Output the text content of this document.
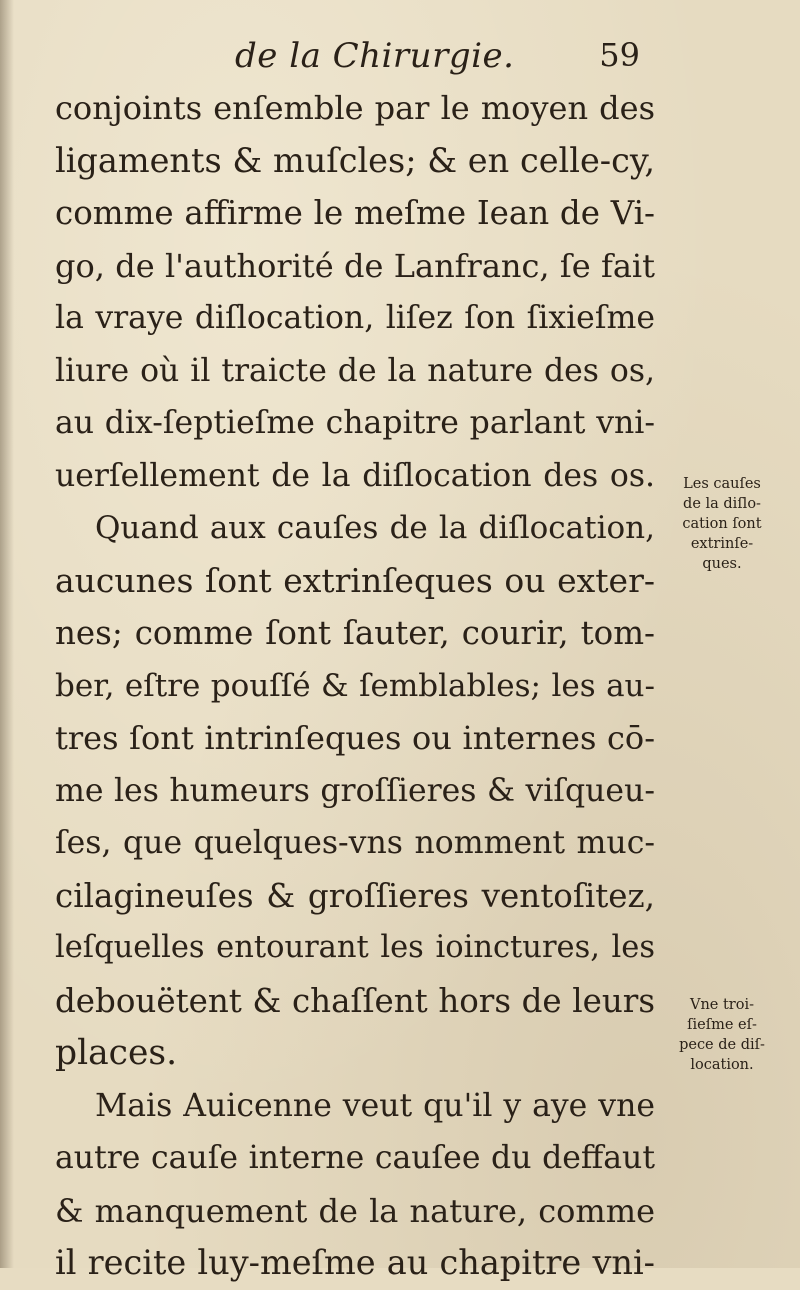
de la Chirurgie.	59
conjoints enſemble par le moyen des
ligaments & muſcles; & en celle-cy,
comme affirme le meſme Iean de Vi-
go, de l'authorité de Lanfranc, ſe fait
la vraye diſlocation, liſez ſon ſixieſme
liure où il traicte de la nature des os,
au dix-ſeptieſme chapitre parlant vni-
uerſellement de la diſlocation des os.
Quand aux cauſes de la diſlocation,
aucunes ſont extrinſeques ou exter-
nes; comme ſont ſauter, courir, tom-
ber, eſtre pouſſé & ſemblables; les au-
tres ſont intrinſeques ou internes cō-
me les humeurs groſſieres & viſqueu-
ſes, que quelques-vns nomment muc-
cilagineuſes & groſſieres ventoſitez,
leſquelles entourant les ioinctures, les
debouëtent & chaſſent hors de leurs
places.
Mais Auicenne veut qu'il y aye vne
autre cauſe interne cauſee du deffaut
& manquement de la nature, comme
il recite luy-meſme au chapitre vni-
Les cauſes
de la diſlo-
cation ſont
extrinſe-
ques.
Vne troi-
ſieſme eſ-
pece de diſ-
location.
